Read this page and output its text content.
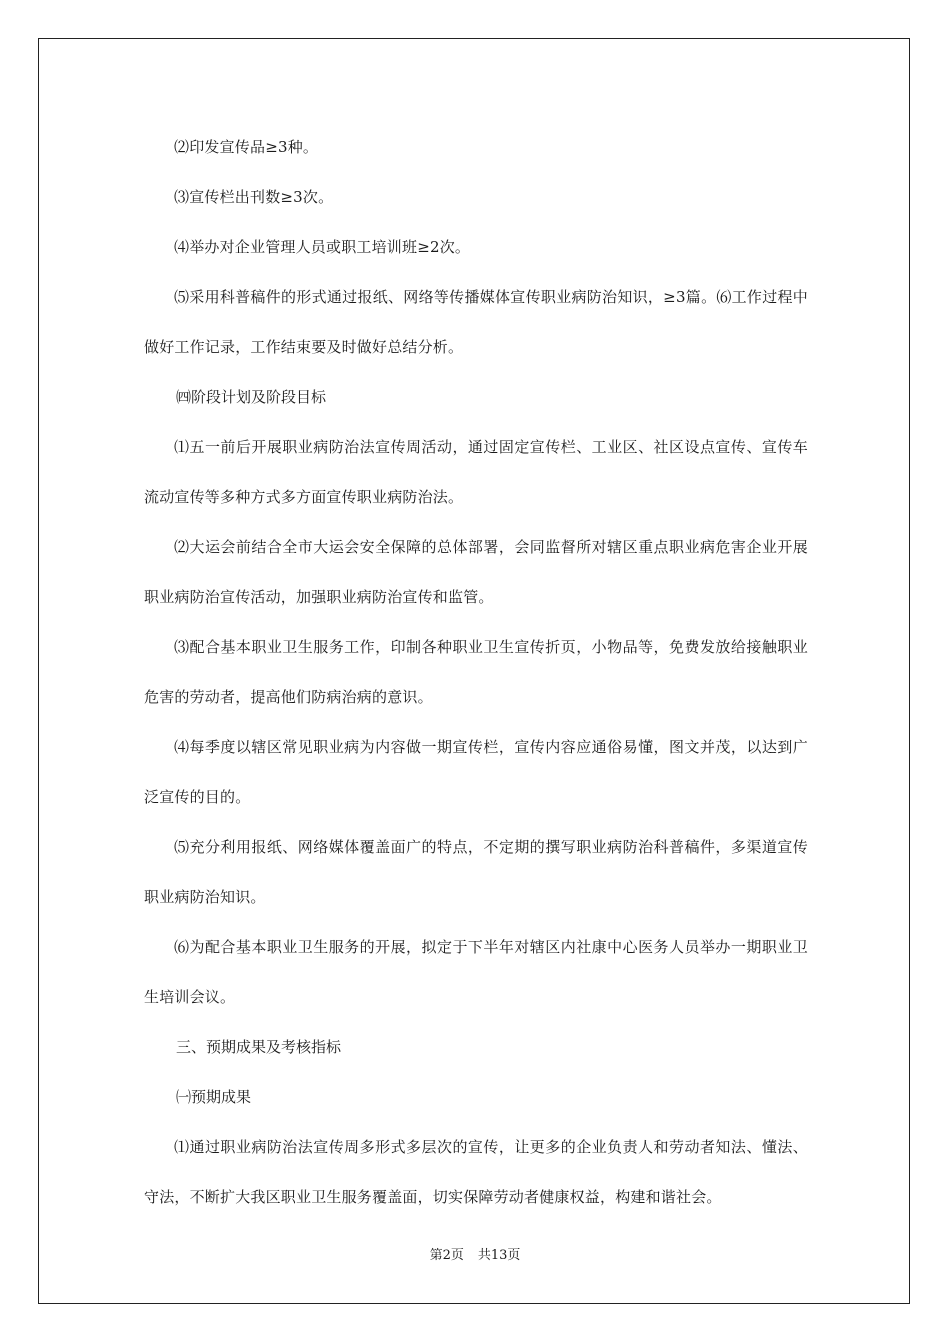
⑵印发宣传品≥3种。

⑶宣传栏出刊数≥3次。

⑷举办对企业管理人员或职工培训班≥2次。

⑸采用科普稿件的形式通过报纸、网络等传播媒体宣传职业病防治知识，≥3篇。⑹工作过程中做好工作记录，工作结束要及时做好总结分析。

㈣阶段计划及阶段目标

⑴五一前后开展职业病防治法宣传周活动，通过固定宣传栏、工业区、社区设点宣传、宣传车流动宣传等多种方式多方面宣传职业病防治法。

⑵大运会前结合全市大运会安全保障的总体部署，会同监督所对辖区重点职业病危害企业开展职业病防治宣传活动，加强职业病防治宣传和监管。

⑶配合基本职业卫生服务工作，印制各种职业卫生宣传折页，小物品等，免费发放给接触职业危害的劳动者，提高他们防病治病的意识。

⑷每季度以辖区常见职业病为内容做一期宣传栏，宣传内容应通俗易懂，图文并茂，以达到广泛宣传的目的。

⑸充分利用报纸、网络媒体覆盖面广的特点，不定期的撰写职业病防治科普稿件，多渠道宣传职业病防治知识。

⑹为配合基本职业卫生服务的开展，拟定于下半年对辖区内社康中心医务人员举办一期职业卫生培训会议。

三、预期成果及考核指标

㈠预期成果

⑴通过职业病防治法宣传周多形式多层次的宣传，让更多的企业负责人和劳动者知法、懂法、守法，不断扩大我区职业卫生服务覆盖面，切实保障劳动者健康权益，构建和谐社会。

第2页 共13页
